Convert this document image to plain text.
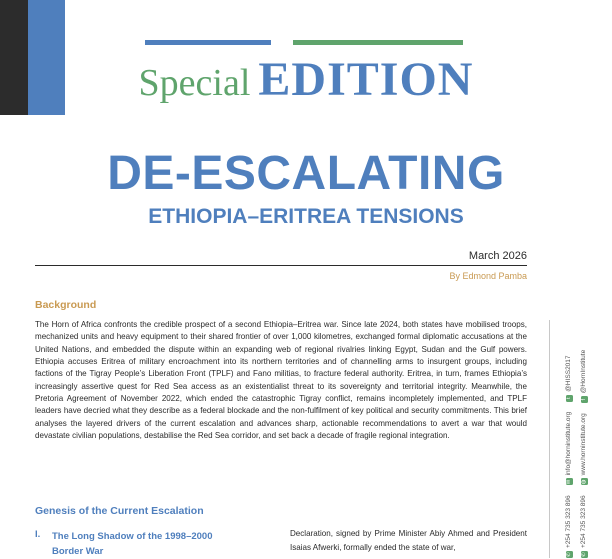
Special EDITION
DE-ESCALATING
ETHIOPIA–ERITREA TENSIONS
March 2026
By Edmond Pamba
Background

The Horn of Africa confronts the credible prospect of a second Ethiopia–Eritrea war. Since late 2024, both states have mobilised troops, mechanized units and heavy equipment to their shared frontier of over 1,000 kilometres, exchanged formal diplomatic accusations at the United Nations, and embedded the dispute within an expanding web of regional rivalries linking Egypt, Sudan and the Gulf powers. Ethiopia accuses Eritrea of military encroachment into its northern territories and of channelling arms to insurgent groups, including factions of the Tigray People’s Liberation Front (TPLF) and Fano militias, to fracture federal authority. Eritrea, in turn, frames Ethiopia’s increasingly assertive quest for Red Sea access as an existentialist threat to its sovereignty and territorial integrity. Meanwhile, the Pretoria Agreement of November 2022, which ended the catastrophic Tigray conflict, remains incompletely implemented, and TPLF leaders have decried what they describe as a federal blockade and the non-fulfilment of key political and security commitments. This brief analyses the layered drivers of the current escalation and advances sharp, actionable recommendations to avert a war that would devastate civilian populations, destabilise the Red Sea corridor, and set back a decade of fragile regional integration.

Genesis of the Current Escalation
I. The Long Shadow of the 1998–2000 Border War

Declaration, signed by Prime Minister Abiy Ahmed and President Isaias Afwerki, formally ended the state of war,

✆+254 735 323 896✉info@horninstitute.orgt@HISS2017
✆+254 735 323 896◍www.horninstitute.orgf@HornInstitute
